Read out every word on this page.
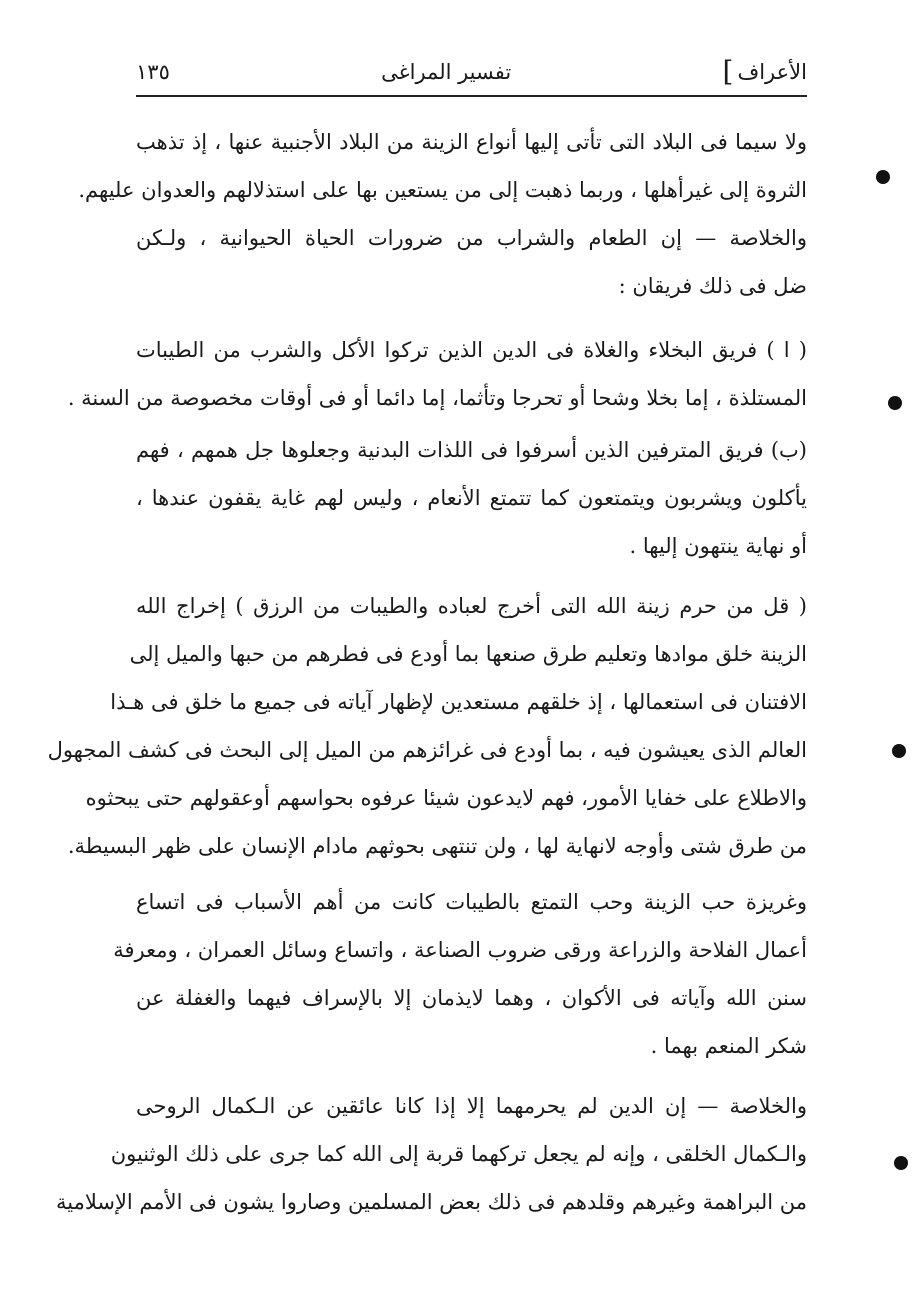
الأعراف
]
تفسير المراغى
١٣٥

ولا سيما فى البلاد التى تأتى إليها أنواع الزينة من البلاد الأجنبية عنها ، إذ تذهب
الثروة إلى غيرأهلها ، وربما ذهبت إلى من يستعين بها على استذلالهم والعدوان عليهم.

والخلاصة — إن الطعام والشراب من ضرورات الحياة الحيوانية ، ولـكن
ضل فى ذلك فريقان :

( ا ) فريق البخلاء والغلاة فى الدين الذين تركوا الأكل والشرب من الطيبات
المستلذة ، إما بخلا وشحا أو تحرجا وتأثما، إما دائما أو فى أوقات مخصوصة من السنة .

(ب) فريق المترفين الذين أسرفوا فى اللذات البدنية وجعلوها جل همهم ، فهم
يأكلون ويشربون ويتمتعون كما تتمتع الأنعام ، وليس لهم غاية يقفون عندها ،
أو نهاية ينتهون إليها .

( قل من حرم زينة الله التى أخرج لعباده والطيبات من الرزق ) إخراج الله
الزينة خلق موادها وتعليم طرق صنعها بما أودع فى فطرهم من حبها والميل إلى
الافتنان فى استعمالها ، إذ خلقهم مستعدين لإظهار آياته فى جميع ما خلق فى هـذا
العالم الذى يعيشون فيه ، بما أودع فى غرائزهم من الميل إلى البحث فى كشف المجهول
والاطلاع على خفايا الأمور، فهم لايدعون شيئا عرفوه بحواسهم أوعقولهم حتى يبحثوه
من طرق شتى وأوجه لانهاية لها ، ولن تنتهى بحوثهم مادام الإنسان على ظهر البسيطة.

وغريزة حب الزينة وحب التمتع بالطيبات كانت من أهم الأسباب فى اتساع
أعمال الفلاحة والزراعة ورقى ضروب الصناعة ، واتساع وسائل العمران ، ومعرفة
سنن الله وآياته فى الأكوان ، وهما لايذمان إلا بالإسراف فيهما والغفلة عن
شكر المنعم بهما .

والخلاصة — إن الدين لم يحرمهما إلا إذا كانا عائقين عن الـكمال الروحى
والـكمال الخلقى ، وإنه لم يجعل تركهما قربة إلى الله كما جرى على ذلك الوثنيون
من البراهمة وغيرهم وقلدهم فى ذلك بعض المسلمين وصاروا يشون فى الأمم الإسلامية
